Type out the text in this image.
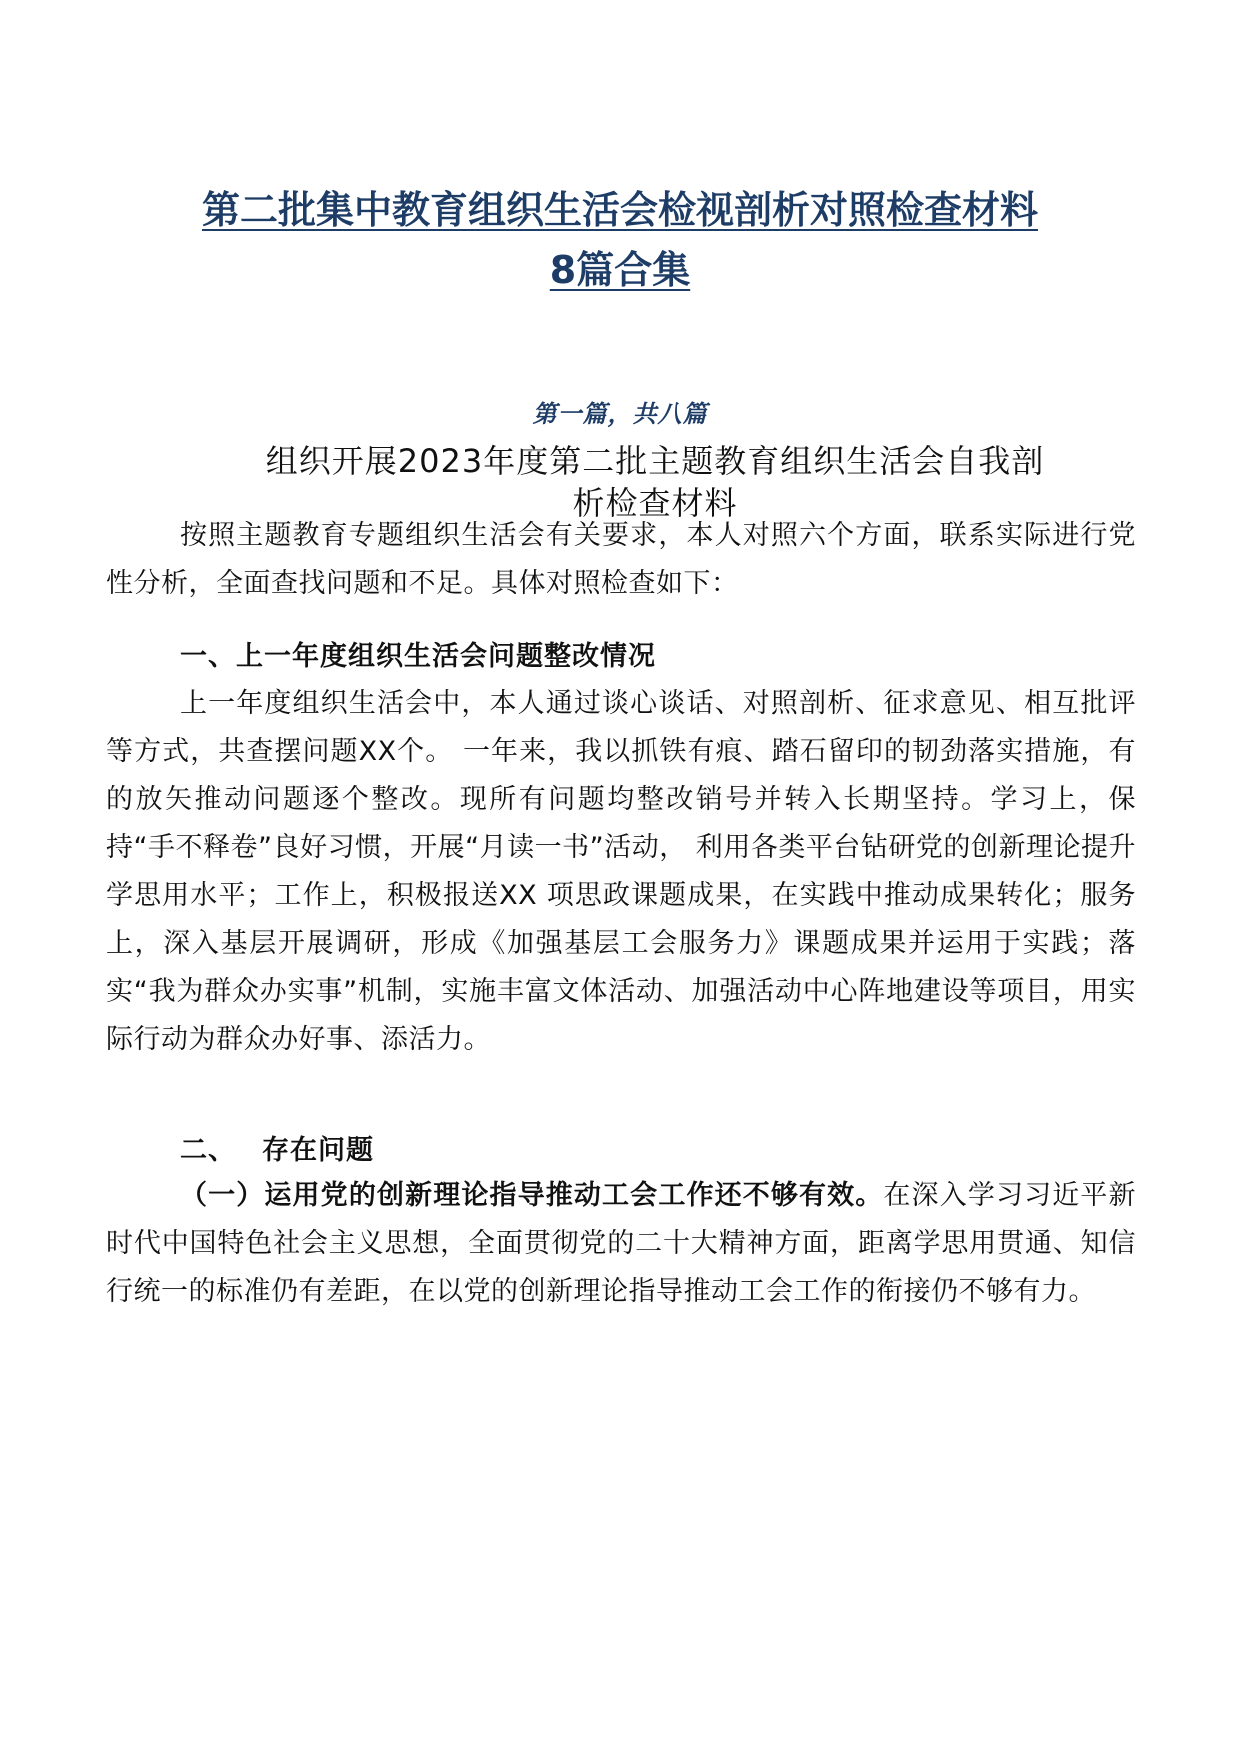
第二批集中教育组织生活会检视剖析对照检查材料
8篇合集
第一篇，共八篇
组织开展2023年度第二批主题教育组织生活会自我剖
析检查材料

按照主题教育专题组织生活会有关要求，本人对照六个方面，联系实际进行党性分析，全面查找问题和不足。具体对照检查如下：

一、上一年度组织生活会问题整改情况

上一年度组织生活会中，本人通过谈心谈话、对照剖析、征求意见、相互批评等方式，共查摆问题XX个。 一年来，我以抓铁有痕、踏石留印的韧劲落实措施，有的放矢推动问题逐个整改。现所有问题均整改销号并转入长期坚持。学习上，保持“手不释卷”良好习惯，开展“月读一书”活动， 利用各类平台钻研党的创新理论提升学思用水平；工作上，积极报送XX 项思政课题成果，在实践中推动成果转化；服务上，深入基层开展调研，形成《加强基层工会服务力》课题成果并运用于实践；落实“我为群众办实事”机制，实施丰富文体活动、加强活动中心阵地建设等项目，用实际行动为群众办好事、添活力。

二、 存在问题

（一）运用党的创新理论指导推动工会工作还不够有效。在深入学习习近平新时代中国特色社会主义思想，全面贯彻党的二十大精神方面，距离学思用贯通、知信行统一的标准仍有差距，在以党的创新理论指导推动工会工作的衔接仍不够有力。
